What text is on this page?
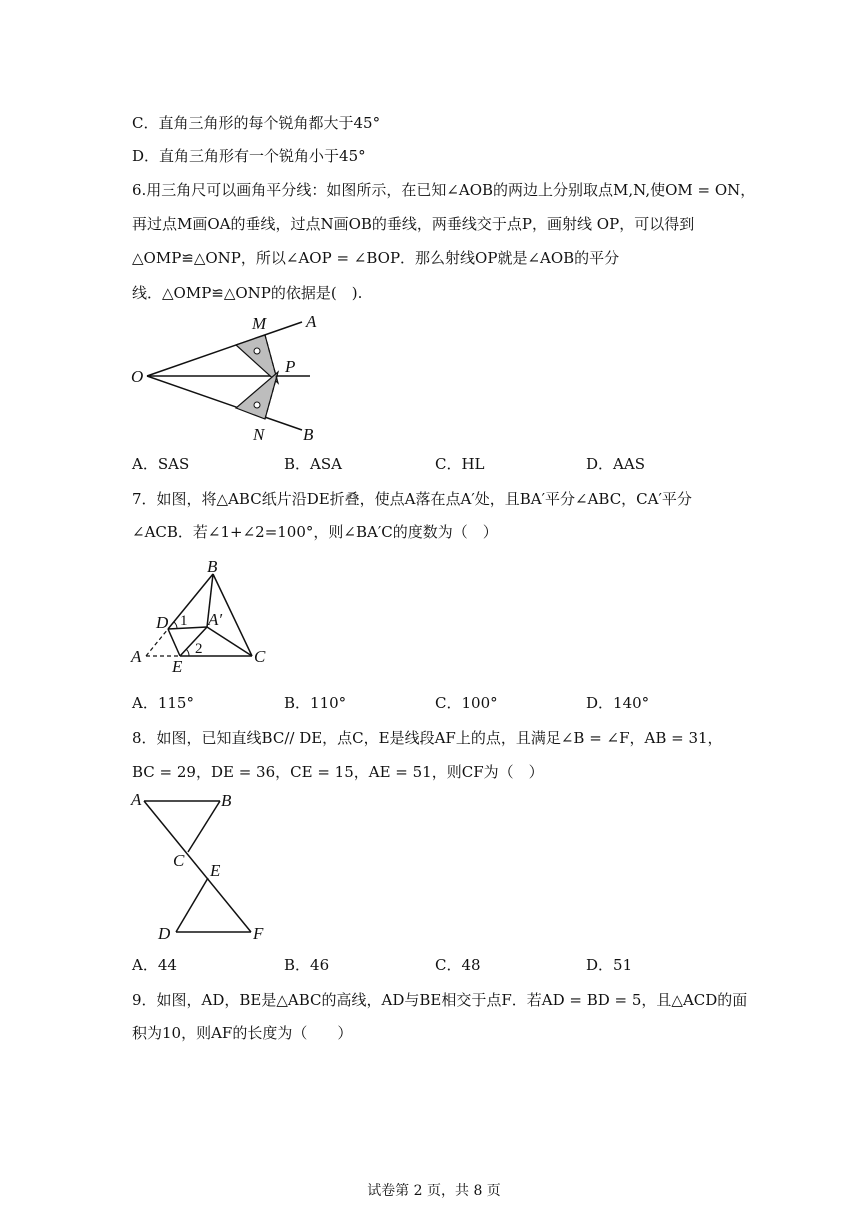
C．直角三角形的每个锐角都大于45°
D．直角三角形有一个锐角小于45°
6.用三角尺可以画角平分线：如图所示，在已知∠AOB的两边上分别取点M,N,使OM = ON，
再过点M画OA的垂线，过点N画OB的垂线，两垂线交于点P，画射线 OP，可以得到
△OMP≌△ONP，所以∠AOP = ∠BOP．那么射线OP就是∠AOB的平分
线．△OMP≌△ONP的依据是(　).
O
M A
P
N B
A．SAS	B．ASA	C．HL	D．AAS
7．如图，将△ABC纸片沿DE折叠，使点A落在点A′处，且BA′平分∠ABC，CA′平分
∠ACB．若∠1+∠2=100°，则∠BA′C的度数为（　）
B
D 1 A′
A
E
2	C
A．115°	B．110°	C．100°	D．140°
8．如图，已知直线BC// DE，点C，E是线段AF上的点，且满足∠B = ∠F，AB = 31，
BC = 29，DE = 36，CE = 15，AE = 51，则CF为（　）
A	B
C
E
D	F
A．44	B．46	C．48	D．51
9．如图，AD，BE是△ABC的高线，AD与BE相交于点F．若AD = BD = 5，且△ACD的面
积为10，则AF的长度为（　　）
试卷第 2 页，共 8 页
